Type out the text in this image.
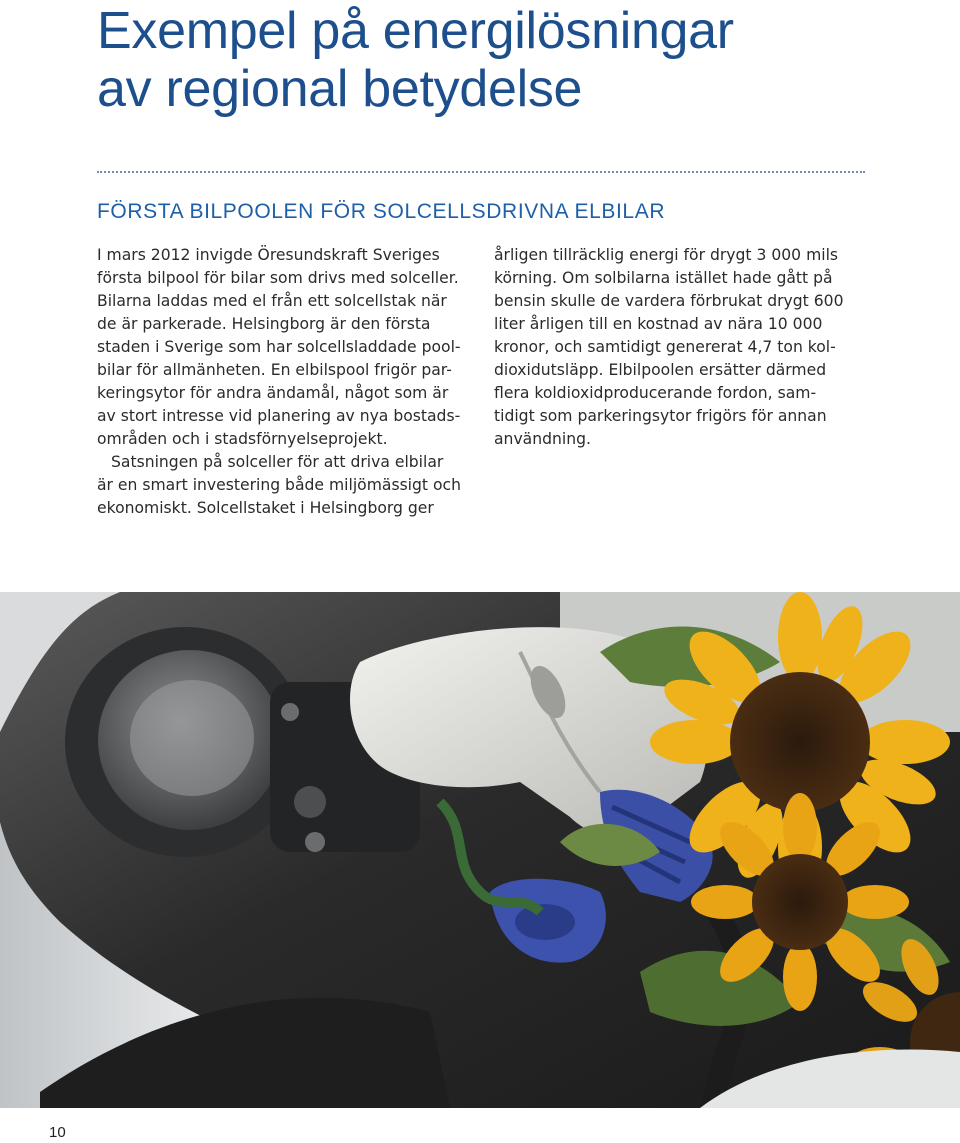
Exempel på energilösningar
av regional betydelse
FÖRSTA BILPOOLEN FÖR SOLCELLSDRIVNA ELBILAR

I mars 2012 invigde Öresundskraft Sveriges
första bilpool för bilar som drivs med solceller.
Bilarna laddas med el från ett solcellstak när
de är parkerade. Helsingborg är den första
staden i Sverige som har solcellsladdade pool-
bilar för allmänheten. En elbilspool frigör par-
keringsytor för andra ändamål, något som är
av stort intresse vid planering av nya bostads-
områden och i stadsförnyelseprojekt.

Satsningen på solceller för att driva elbilar
är en smart investering både miljömässigt och
ekonomiskt. Solcellstaket i Helsingborg ger

årligen tillräcklig energi för drygt 3 000 mils
körning. Om solbilarna istället hade gått på
bensin skulle de vardera förbrukat drygt 600
liter årligen till en kostnad av nära 10 000
kronor, och samtidigt genererat 4,7 ton kol-
dioxidutsläpp. Elbilpoolen ersätter därmed
flera koldioxidproducerande fordon, sam-
tidigt som parkeringsytor frigörs för annan
användning.

10
